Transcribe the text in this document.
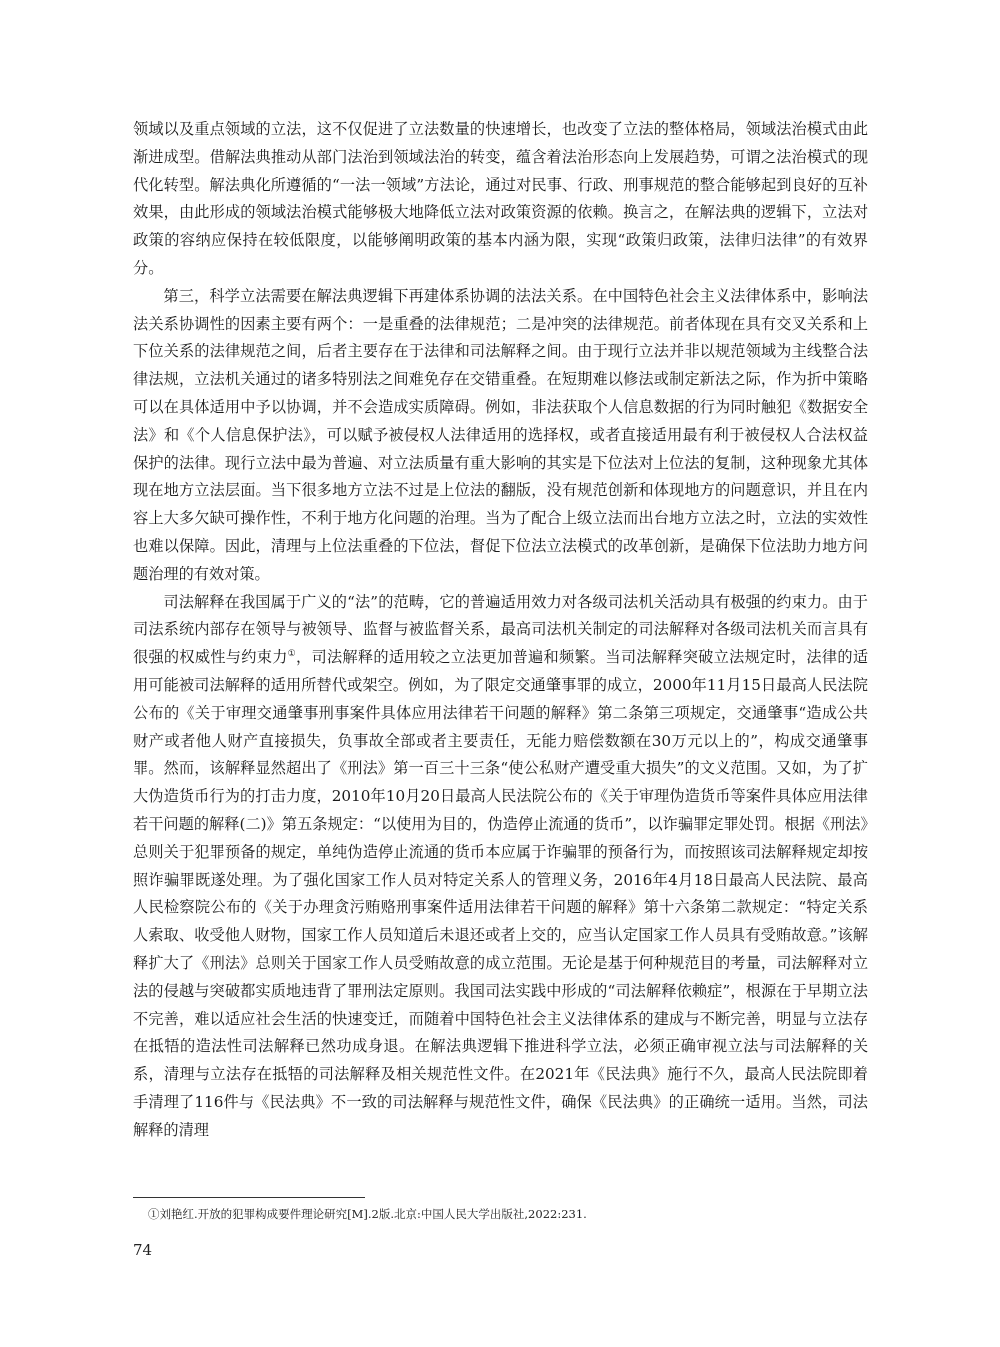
领域以及重点领域的立法，这不仅促进了立法数量的快速增长，也改变了立法的整体格局，领域法治模式由此渐进成型。借解法典推动从部门法治到领域法治的转变，蕴含着法治形态向上发展趋势，可谓之法治模式的现代化转型。解法典化所遵循的“一法一领域”方法论，通过对民事、行政、刑事规范的整合能够起到良好的互补效果，由此形成的领域法治模式能够极大地降低立法对政策资源的依赖。换言之，在解法典的逻辑下，立法对政策的容纳应保持在较低限度，以能够阐明政策的基本内涵为限，实现“政策归政策，法律归法律”的有效界分。

第三，科学立法需要在解法典逻辑下再建体系协调的法法关系。在中国特色社会主义法律体系中，影响法法关系协调性的因素主要有两个：一是重叠的法律规范；二是冲突的法律规范。前者体现在具有交叉关系和上下位关系的法律规范之间，后者主要存在于法律和司法解释之间。由于现行立法并非以规范领域为主线整合法律法规，立法机关通过的诸多特别法之间难免存在交错重叠。在短期难以修法或制定新法之际，作为折中策略可以在具体适用中予以协调，并不会造成实质障碍。例如，非法获取个人信息数据的行为同时触犯《数据安全法》和《个人信息保护法》，可以赋予被侵权人法律适用的选择权，或者直接适用最有利于被侵权人合法权益保护的法律。现行立法中最为普遍、对立法质量有重大影响的其实是下位法对上位法的复制，这种现象尤其体现在地方立法层面。当下很多地方立法不过是上位法的翻版，没有规范创新和体现地方的问题意识，并且在内容上大多欠缺可操作性，不利于地方化问题的治理。当为了配合上级立法而出台地方立法之时，立法的实效性也难以保障。因此，清理与上位法重叠的下位法，督促下位法立法模式的改革创新，是确保下位法助力地方问题治理的有效对策。

司法解释在我国属于广义的“法”的范畴，它的普遍适用效力对各级司法机关活动具有极强的约束力。由于司法系统内部存在领导与被领导、监督与被监督关系，最高司法机关制定的司法解释对各级司法机关而言具有很强的权威性与约束力①，司法解释的适用较之立法更加普遍和频繁。当司法解释突破立法规定时，法律的适用可能被司法解释的适用所替代或架空。例如，为了限定交通肇事罪的成立，2000年11月15日最高人民法院公布的《关于审理交通肇事刑事案件具体应用法律若干问题的解释》第二条第三项规定，交通肇事“造成公共财产或者他人财产直接损失，负事故全部或者主要责任，无能力赔偿数额在30万元以上的”，构成交通肇事罪。然而，该解释显然超出了《刑法》第一百三十三条“使公私财产遭受重大损失”的文义范围。又如，为了扩大伪造货币行为的打击力度，2010年10月20日最高人民法院公布的《关于审理伪造货币等案件具体应用法律若干问题的解释(二)》第五条规定：“以使用为目的，伪造停止流通的货币”，以诈骗罪定罪处罚。根据《刑法》总则关于犯罪预备的规定，单纯伪造停止流通的货币本应属于诈骗罪的预备行为，而按照该司法解释规定却按照诈骗罪既遂处理。为了强化国家工作人员对特定关系人的管理义务，2016年4月18日最高人民法院、最高人民检察院公布的《关于办理贪污贿赂刑事案件适用法律若干问题的解释》第十六条第二款规定：“特定关系人索取、收受他人财物，国家工作人员知道后未退还或者上交的，应当认定国家工作人员具有受贿故意。”该解释扩大了《刑法》总则关于国家工作人员受贿故意的成立范围。无论是基于何种规范目的考量，司法解释对立法的侵越与突破都实质地违背了罪刑法定原则。我国司法实践中形成的“司法解释依赖症”，根源在于早期立法不完善，难以适应社会生活的快速变迁，而随着中国特色社会主义法律体系的建成与不断完善，明显与立法存在抵牾的造法性司法解释已然功成身退。在解法典逻辑下推进科学立法，必须正确审视立法与司法解释的关系，清理与立法存在抵牾的司法解释及相关规范性文件。在2021年《民法典》施行不久，最高人民法院即着手清理了116件与《民法典》不一致的司法解释与规范性文件，确保《民法典》的正确统一适用。当然，司法解释的清理

①刘艳红.开放的犯罪构成要件理论研究[M].2版.北京:中国人民大学出版社,2022:231.

74
